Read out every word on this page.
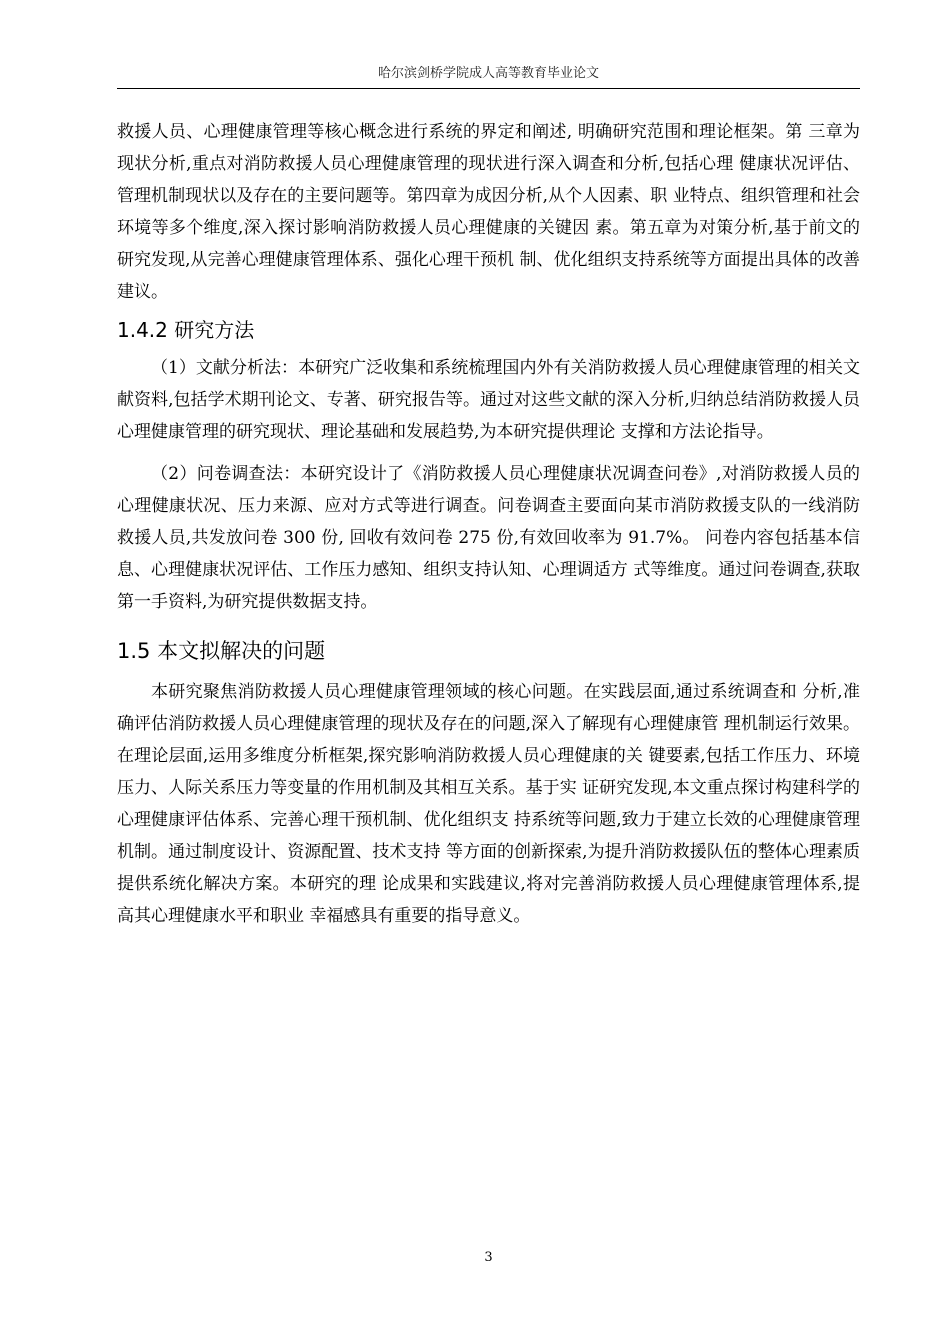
哈尔滨剑桥学院成人高等教育毕业论文

救援人员、心理健康管理等核心概念进行系统的界定和阐述, 明确研究范围和理论框架。第 三章为现状分析,重点对消防救援人员心理健康管理的现状进行深入调查和分析,包括心理 健康状况评估、管理机制现状以及存在的主要问题等。第四章为成因分析,从个人因素、职 业特点、组织管理和社会环境等多个维度,深入探讨影响消防救援人员心理健康的关键因 素。第五章为对策分析,基于前文的研究发现,从完善心理健康管理体系、强化心理干预机 制、优化组织支持系统等方面提出具体的改善建议。

1.4.2 研究方法

（1）文献分析法：本研究广泛收集和系统梳理国内外有关消防救援人员心理健康管理的相关文献资料,包括学术期刊论文、专著、研究报告等。通过对这些文献的深入分析,归纳总结消防救援人员心理健康管理的研究现状、理论基础和发展趋势,为本研究提供理论 支撑和方法论指导。

（2）问卷调查法：本研究设计了《消防救援人员心理健康状况调查问卷》,对消防救援人员的心理健康状况、压力来源、应对方式等进行调查。问卷调查主要面向某市消防救援支队的一线消防救援人员,共发放问卷 300 份, 回收有效问卷 275 份,有效回收率为 91.7%。 问卷内容包括基本信息、心理健康状况评估、工作压力感知、组织支持认知、心理调适方 式等维度。通过问卷调查,获取第一手资料,为研究提供数据支持。

1.5 本文拟解决的问题

本研究聚焦消防救援人员心理健康管理领域的核心问题。在实践层面,通过系统调查和 分析,准确评估消防救援人员心理健康管理的现状及存在的问题,深入了解现有心理健康管 理机制运行效果。在理论层面,运用多维度分析框架,探究影响消防救援人员心理健康的关 键要素,包括工作压力、环境压力、人际关系压力等变量的作用机制及其相互关系。基于实 证研究发现,本文重点探讨构建科学的心理健康评估体系、完善心理干预机制、优化组织支 持系统等问题,致力于建立长效的心理健康管理机制。通过制度设计、资源配置、技术支持 等方面的创新探索,为提升消防救援队伍的整体心理素质提供系统化解决方案。本研究的理 论成果和实践建议,将对完善消防救援人员心理健康管理体系,提高其心理健康水平和职业 幸福感具有重要的指导意义。

3
